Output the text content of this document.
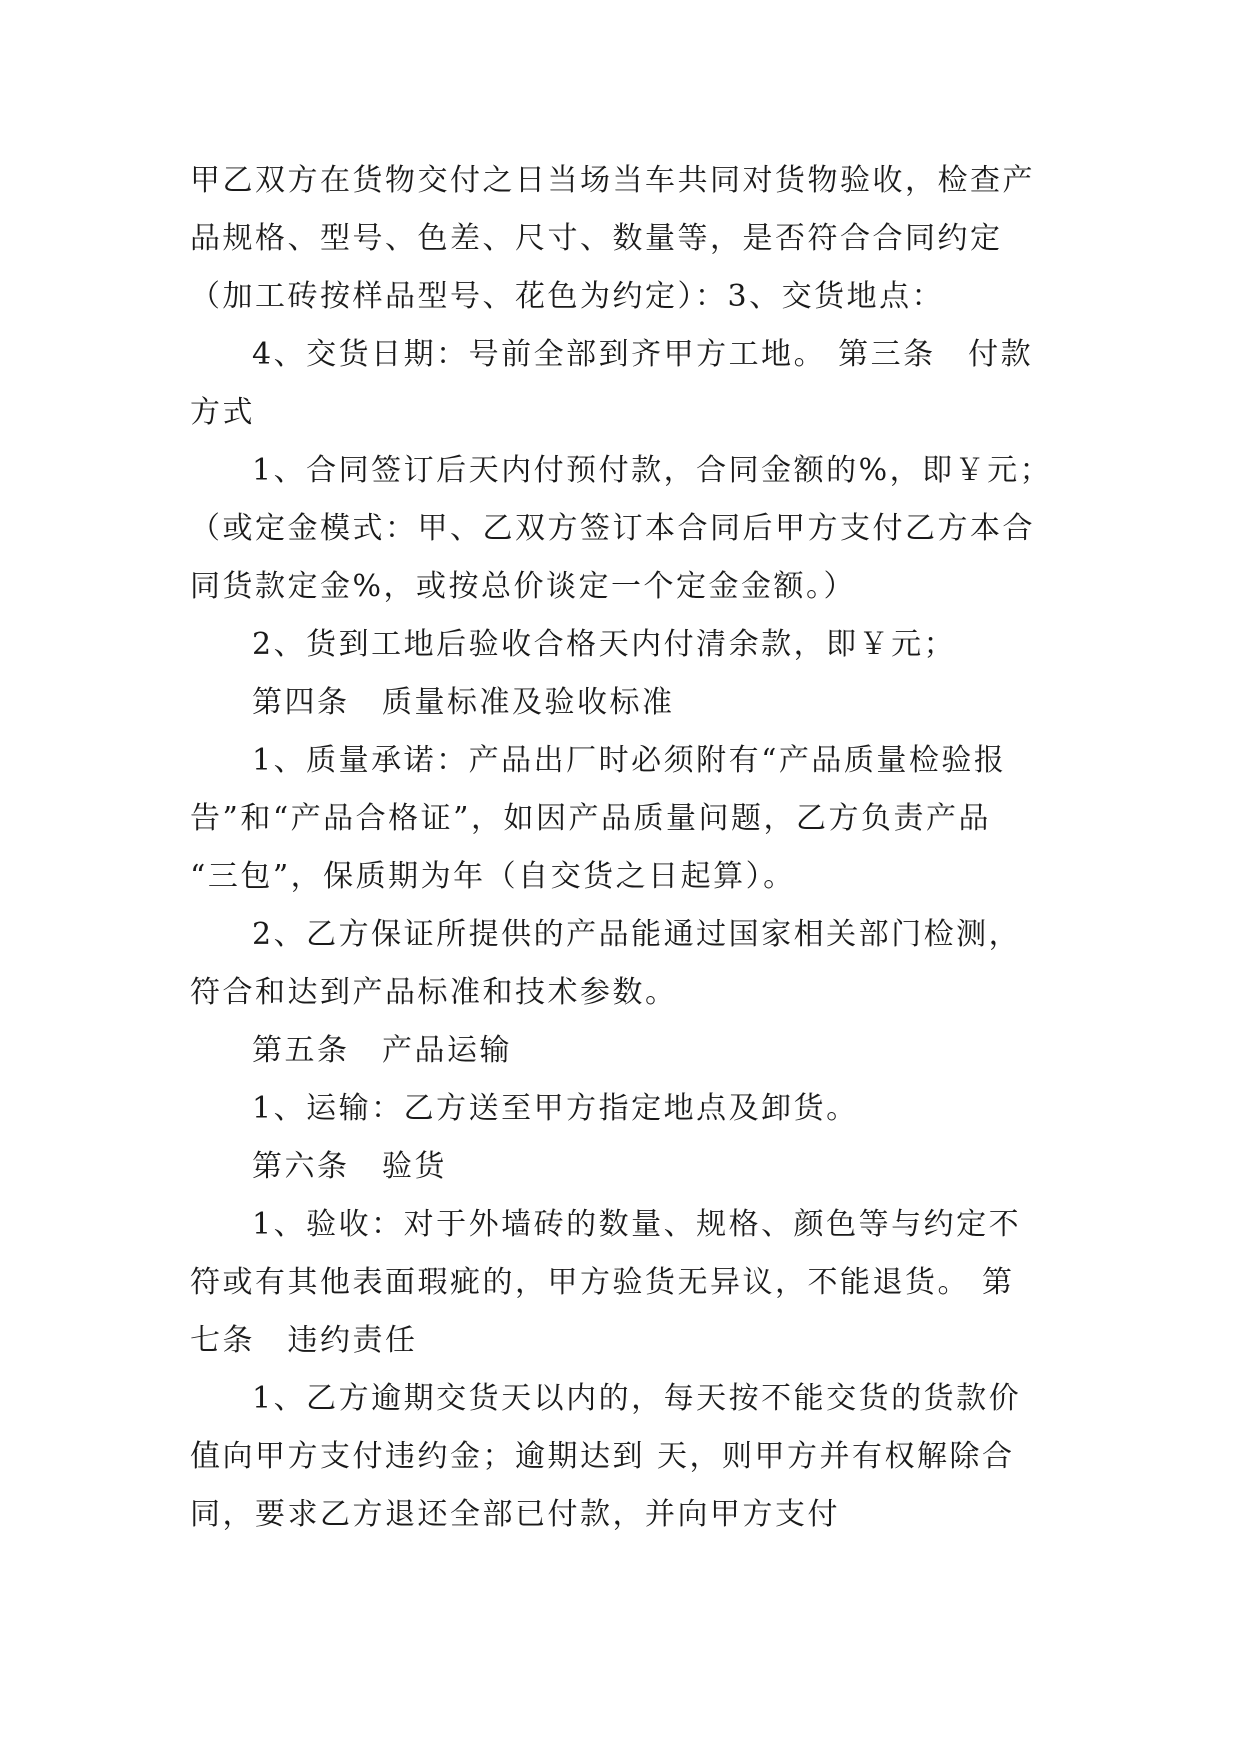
甲乙双方在货物交付之日当场当车共同对货物验收，检查产
品规格、型号、色差、尺寸、数量等，是否符合合同约定
（加工砖按样品型号、花色为约定）：3、交货地点：
4、交货日期：号前全部到齐甲方工地。 第三条　付款
方式
1、合同签订后天内付预付款，合同金额的%，即￥元；
（或定金模式：甲、乙双方签订本合同后甲方支付乙方本合
同货款定金%，或按总价谈定一个定金金额。）
2、货到工地后验收合格天内付清余款，即￥元；
第四条　质量标准及验收标准
1、质量承诺：产品出厂时必须附有“产品质量检验报
告”和“产品合格证”，如因产品质量问题，乙方负责产品
“三包”，保质期为年（自交货之日起算）。
2、乙方保证所提供的产品能通过国家相关部门检测，
符合和达到产品标准和技术参数。
第五条　产品运输
1、运输：乙方送至甲方指定地点及卸货。
第六条　验货
1、验收：对于外墙砖的数量、规格、颜色等与约定不
符或有其他表面瑕疵的，甲方验货无异议，不能退货。 第
七条　违约责任
1、乙方逾期交货天以内的，每天按不能交货的货款价
值向甲方支付违约金；逾期达到 天，则甲方并有权解除合
同，要求乙方退还全部已付款，并向甲方支付
